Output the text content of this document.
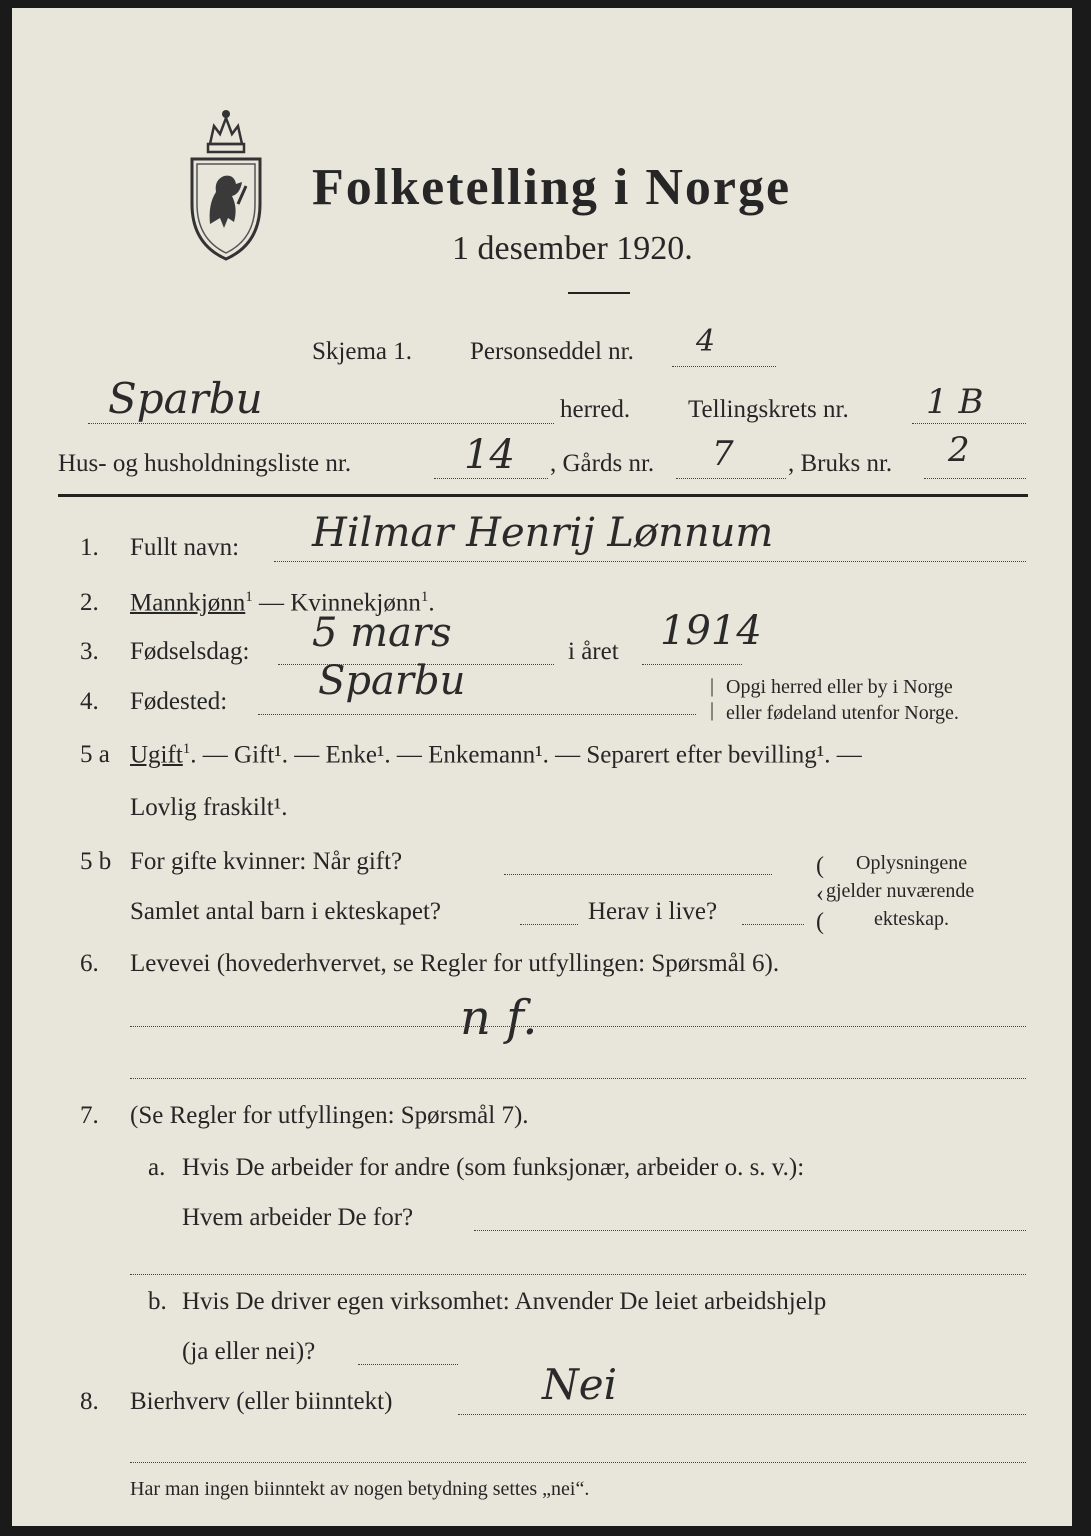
Folketelling i Norge
1 desember 1920.
Skjema 1. Personseddel nr. 4
Sparbu	herred. Tellingskrets nr. 1 B
Hus- og husholdningsliste nr.	14 , Gårds nr. 7 , Bruks nr. 2
1. Fullt navn: Hilmar Henrij Lønnum
2. Mannkjønn$^1$ — Kvinnekjønn$^1$.
3. Fødselsdag: 5 mars	i året 1914
4. Fødested: Sparbu	|
|
Opgi herred eller by i Norge
eller fødeland utenfor Norge.
5 a Ugift$^1$. — Gift¹. — Enke¹. — Enkemann¹. — Separert efter bevilling¹. —
Lovlig fraskilt¹.
5 b For gifte kvinner: Når gift?
Samlet antal barn i ekteskapet?	Herav i live?
(
‹
(
Oplysningene
gjelder nuværende
ekteskap.
6. Levevei (hovederhvervet, se Regler for utfyllingen: Spørsmål 6).
n f.
7. (Se Regler for utfyllingen: Spørsmål 7).
a. Hvis De arbeider for andre (som funksjonær, arbeider o. s. v.):
Hvem arbeider De for?
b. Hvis De driver egen virksomhet: Anvender De leiet arbeidshjelp
(ja eller nei)?
8. Bierhverv (eller biinntekt)	Nei
Har man ingen biinntekt av nogen betydning settes „nei“.
